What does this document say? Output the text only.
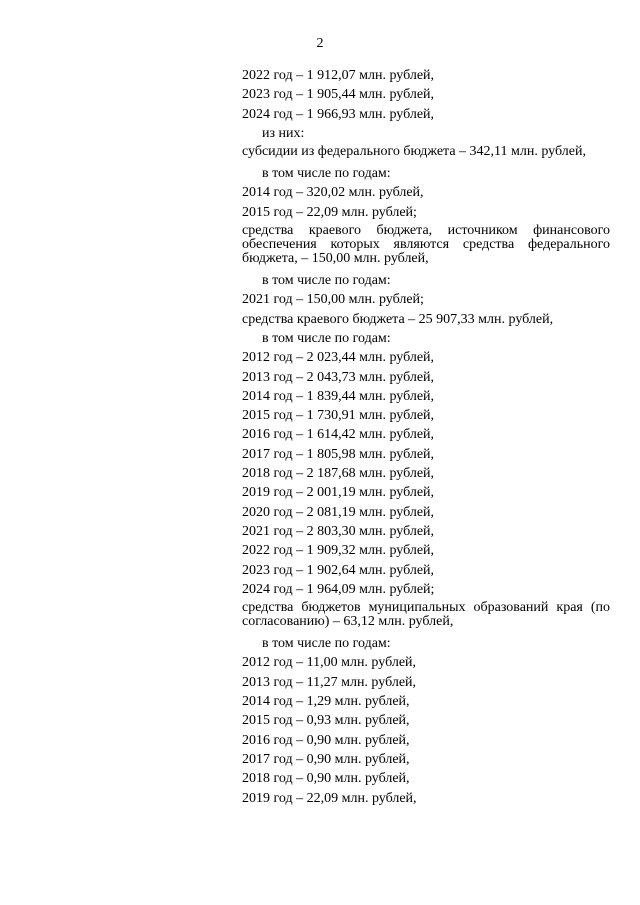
2

2022 год – 1 912,07 млн. рублей,

2023 год – 1 905,44 млн. рублей,

2024 год – 1 966,93 млн. рублей,

из них:

субсидии из федерального бюджета – 342,11 млн. рублей,

в том числе по годам:

2014 год – 320,02 млн. рублей,

2015 год – 22,09 млн. рублей;

средства краевого бюджета, источником финансового обеспечения которых являются средства федерального бюджета, – 150,00 млн. рублей,

в том числе по годам:

2021 год – 150,00 млн. рублей;

средства краевого бюджета – 25 907,33 млн. рублей,

в том числе по годам:

2012 год – 2 023,44 млн. рублей,

2013 год – 2 043,73 млн. рублей,

2014 год – 1 839,44 млн. рублей,

2015 год – 1 730,91 млн. рублей,

2016 год – 1 614,42 млн. рублей,

2017 год – 1 805,98 млн. рублей,

2018 год – 2 187,68 млн. рублей,

2019 год – 2 001,19 млн. рублей,

2020 год – 2 081,19 млн. рублей,

2021 год – 2 803,30 млн. рублей,

2022 год – 1 909,32 млн. рублей,

2023 год – 1 902,64 млн. рублей,

2024 год – 1 964,09 млн. рублей;

средства бюджетов муниципальных образований края (по согласованию) – 63,12 млн. рублей,

в том числе по годам:

2012 год – 11,00 млн. рублей,

2013 год – 11,27 млн. рублей,

2014 год – 1,29 млн. рублей,

2015 год – 0,93 млн. рублей,

2016 год – 0,90 млн. рублей,

2017 год – 0,90 млн. рублей,

2018 год – 0,90 млн. рублей,

2019 год – 22,09 млн. рублей,
